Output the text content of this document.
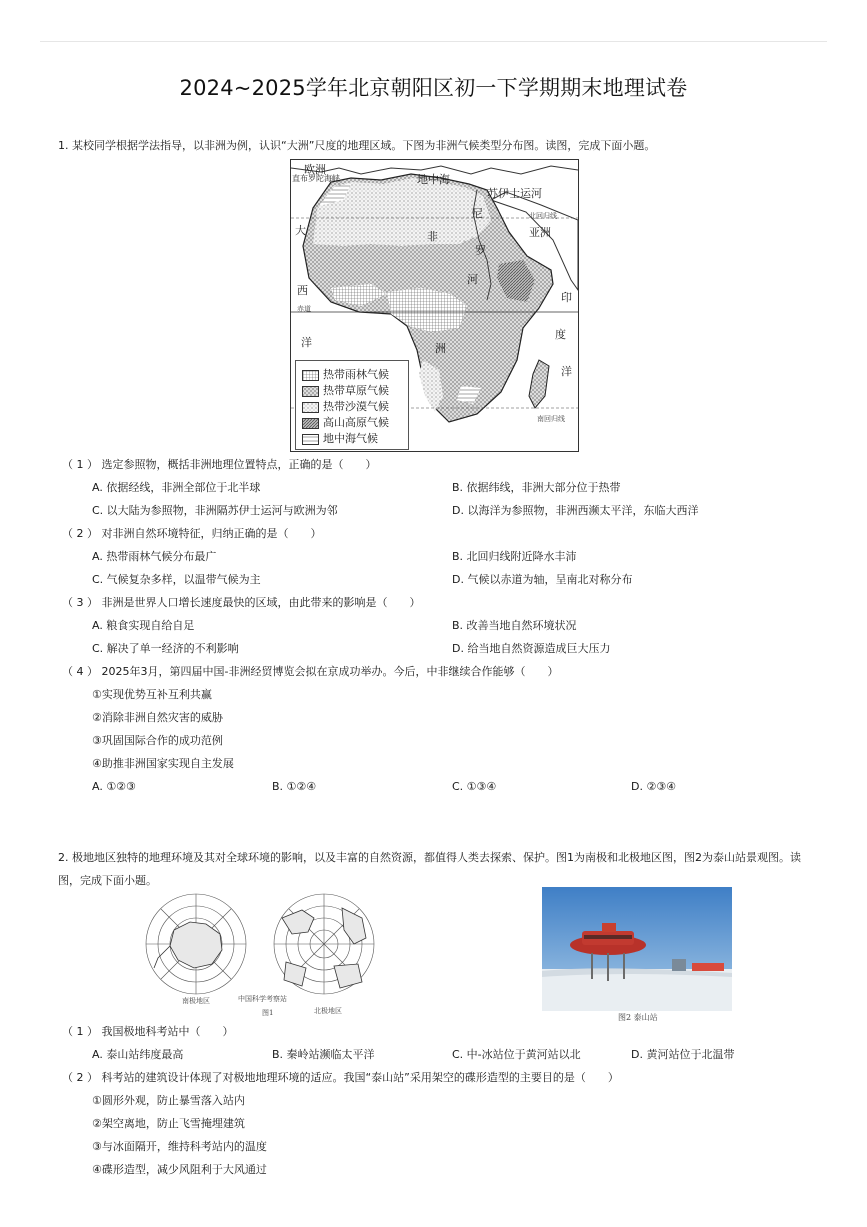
2024~2025学年北京朝阳区初一下学期期末地理试卷
1. 某校同学根据学法指导，以非洲为例，认识“大洲”尺度的地理区域。下图为非洲气候类型分布图。读图，完成下面小题。
欧洲
直布罗陀海峡	地中海
苏伊士运河
尼	北回归线
大	非	亚洲
罗
河
西
印
赤道
洋
度
洲
洋
南回归线
热带雨林气候
热带草原气候
热带沙漠气候
高山高原气候
地中海气候
（ 1 ） 选定参照物，概括非洲地理位置特点，正确的是（　　）
A. 依据经线，非洲全部位于北半球	B. 依据纬线，非洲大部分位于热带
C. 以大陆为参照物，非洲隔苏伊士运河与欧洲为邻	D. 以海洋为参照物，非洲西濒太平洋，东临大西洋
（ 2 ） 对非洲自然环境特征，归纳正确的是（　　）
A. 热带雨林气候分布最广	B. 北回归线附近降水丰沛
C. 气候复杂多样，以温带气候为主	D. 气候以赤道为轴，呈南北对称分布
（ 3 ） 非洲是世界人口增长速度最快的区域，由此带来的影响是（　　）
A. 粮食实现自给自足	B. 改善当地自然环境状况
C. 解决了单一经济的不利影响	D. 给当地自然资源造成巨大压力
（ 4 ） 2025年3月，第四届中国-非洲经贸博览会拟在京成功举办。今后，中非继续合作能够（　　）
①实现优势互补互利共赢
②消除非洲自然灾害的威胁
③巩固国际合作的成功范例
④助推非洲国家实现自主发展
A. ①②③	B. ①②④	C. ①③④	D. ②③④
2. 极地地区独特的地理环境及其对全球环境的影响，以及丰富的自然资源，都值得人类去探索、保护。图1为南极和北极地区图，图2为泰山站景观图。读图，完成下面小题。
南极地区
北极地区
中国科学考察站
图1	图2 泰山站
（ 1 ） 我国极地科考站中（　　）
A. 泰山站纬度最高	B. 秦岭站濒临太平洋	C. 中-冰站位于黄河站以北	D. 黄河站位于北温带
（ 2 ） 科考站的建筑设计体现了对极地地理环境的适应。我国“泰山站”采用架空的碟形造型的主要目的是（　　）
①圆形外观，防止暴雪落入站内
②架空离地，防止飞雪掩埋建筑
③与冰面隔开，维持科考站内的温度
④碟形造型，减少风阻利于大风通过
